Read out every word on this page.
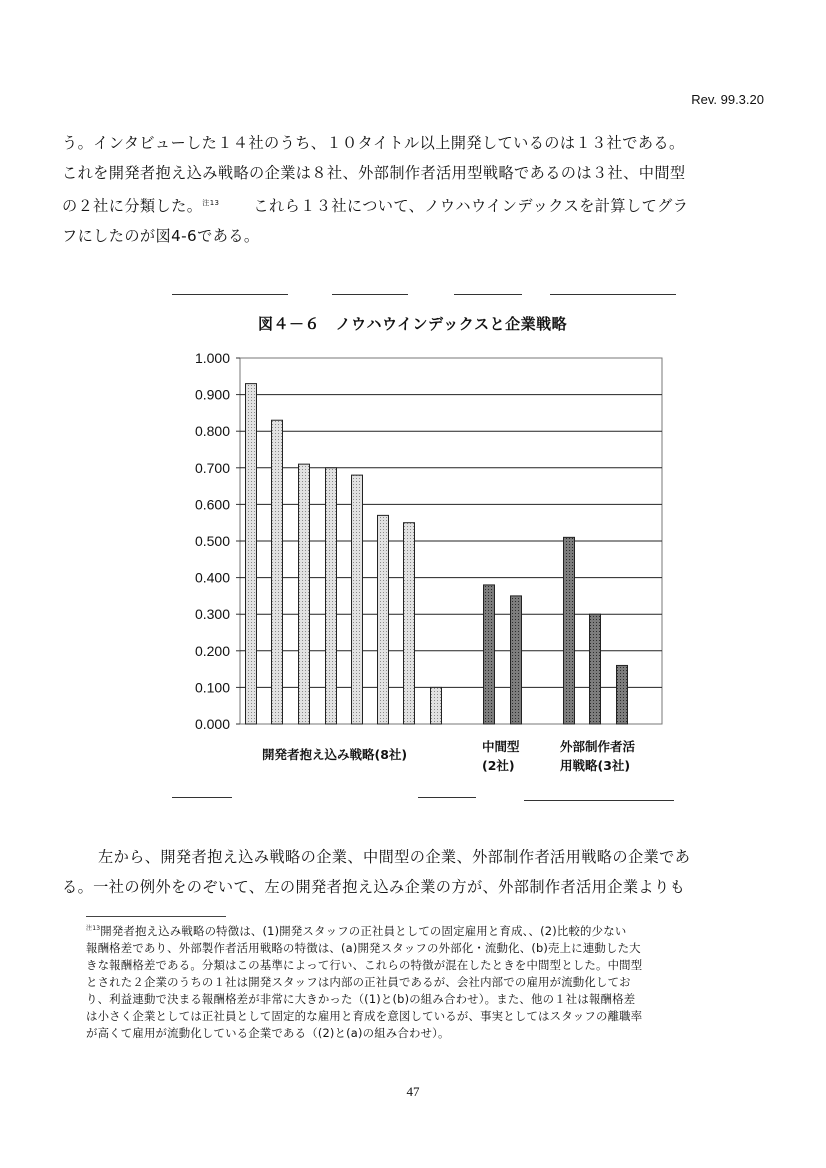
Rev. 99.3.20

う。インタビューした１４社のうち、１０タイトル以上開発しているのは１３社である。

これを開発者抱え込み戦略の企業は８社、外部制作者活用型戦略であるのは３社、中間型

の２社に分類した。$^{注13}$ これら１３社について、ノウハウインデックスを計算してグラ

フにしたのが図4-6である。

図４－６　ノウハウインデックスと企業戦略
0.000
0.100
0.200
0.300
0.400
0.500
0.600
0.700
0.800
0.900
1.000
開発者抱え込み戦略(8社)
中間型
(2社)
外部制作者活
用戦略(3社)

左から、開発者抱え込み戦略の企業、中間型の企業、外部制作者活用戦略の企業であ

る。一社の例外をのぞいて、左の開発者抱え込み企業の方が、外部制作者活用企業よりも

$^{注13}$開発者抱え込み戦略の特徴は、(1)開発スタッフの正社員としての固定雇用と育成、、(2)比較的少ない

報酬格差であり、外部製作者活用戦略の特徴は、(a)開発スタッフの外部化・流動化、(b)売上に連動した大

きな報酬格差である。分類はこの基準によって行い、これらの特徴が混在したときを中間型とした。中間型

とされた２企業のうちの１社は開発スタッフは内部の正社員であるが、会社内部での雇用が流動化してお

り、利益連動で決まる報酬格差が非常に大きかった（(1)と(b)の組み合わせ）。また、他の１社は報酬格差

は小さく企業としては正社員として固定的な雇用と育成を意図しているが、事実としてはスタッフの離職率

が高くて雇用が流動化している企業である（(2)と(a)の組み合わせ）。

47
